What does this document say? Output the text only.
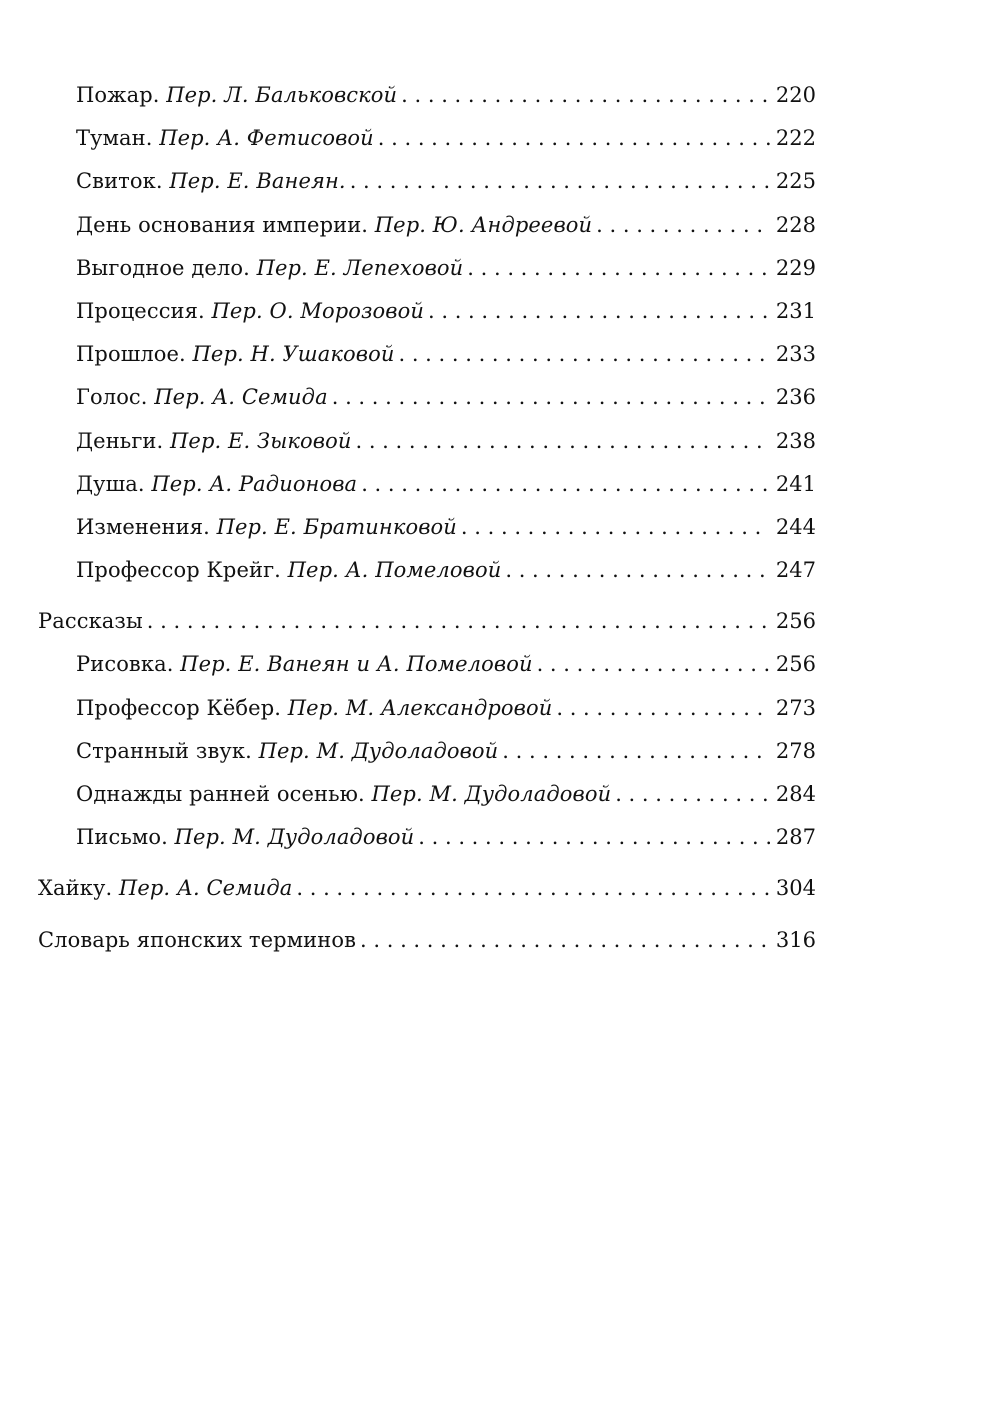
Пожар. Пер. Л. Бальковской . . .	220
Туман. Пер. А. Фетисовой . . .	222
Свиток. Пер. Е. Ванеян. . . .	225
День основания империи. Пер. Ю. Андреевой . . .	228
Выгодное дело. Пер. Е. Лепеховой . . .	229
Процессия. Пер. О. Морозовой . . .	231
Прошлое. Пер. Н. Ушаковой . . .	233
Голос. Пер. А. Семида . . .	236
Деньги. Пер. Е. Зыковой . . .	238
Душа. Пер. А. Радионова . . .	241
Изменения. Пер. Е. Братинковой . . .	244
Профессор Крейг. Пер. А. Помеловой . . .	247
Рассказы . . .	256
Рисовка. Пер. Е. Ванеян и А. Помеловой . . .	256
Профессор Кёбер. Пер. М. Александровой . . .	273
Странный звук. Пер. М. Дудоладовой . . .	278
Однажды ранней осенью. Пер. М. Дудоладовой . . .	284
Письмо. Пер. М. Дудоладовой . . .	287
Хайку. Пер. А. Семида . . .	304
Словарь японских терминов . . .	316
